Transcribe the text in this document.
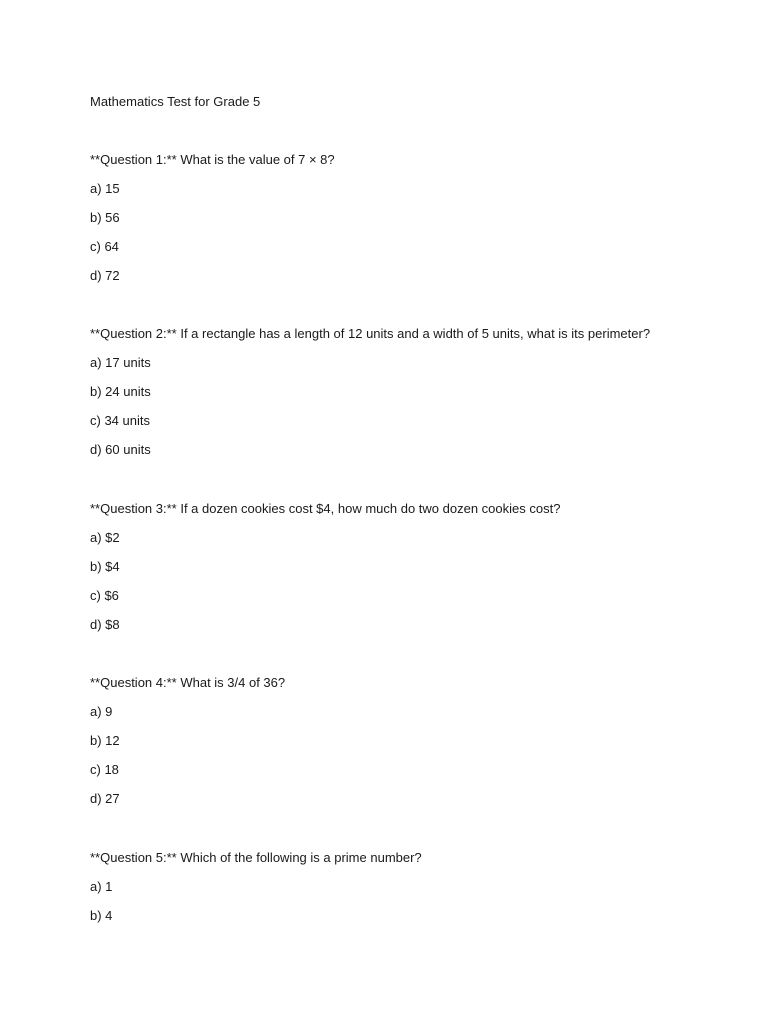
Mathematics Test for Grade 5
**Question 1:** What is the value of 7 × 8?
a) 15
b) 56
c) 64
d) 72
**Question 2:** If a rectangle has a length of 12 units and a width of 5 units, what is its perimeter?
a) 17 units
b) 24 units
c) 34 units
d) 60 units
**Question 3:** If a dozen cookies cost $4, how much do two dozen cookies cost?
a) $2
b) $4
c) $6
d) $8
**Question 4:** What is 3/4 of 36?
a) 9
b) 12
c) 18
d) 27
**Question 5:** Which of the following is a prime number?
a) 1
b) 4
